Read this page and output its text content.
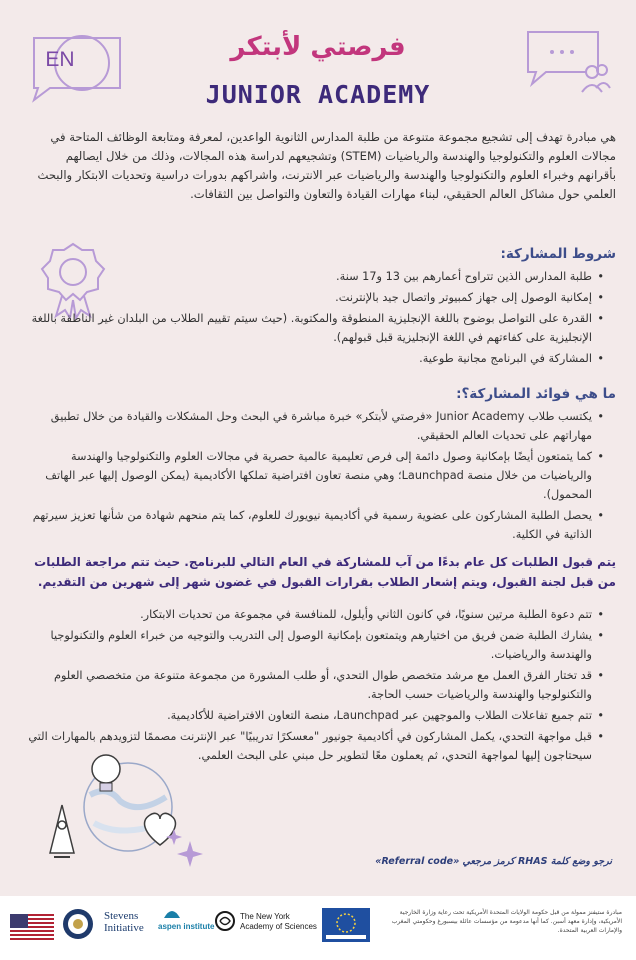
EN	فرصتي لأبتكر
JUNIOR ACADEMY

هي مبادرة تهدف إلى تشجيع مجموعة متنوعة من طلبة المدارس الثانوية الواعدين، لمعرفة ومتابعة الوظائف المتاحة في مجالات العلوم والتكنولوجيا والهندسة والرياضيات (STEM) وتشجيعهم لدراسة هذه المجالات، وذلك من خلال ايصالهم بأقرانهم وخبراء العلوم والتكنولوجيا والهندسة والرياضيات عبر الانترنت، واشراكهم بدورات دراسية وتحديات الابتكار والبحث العلمي حول مشاكل العالم الحقيقي، لبناء مهارات القيادة والتعاون والتواصل بين الثقافات.

شروط المشاركة:
• طلبة المدارس الذين تتراوح أعمارهم بين 13 و17 سنة.
• إمكانية الوصول إلى جهاز كمبيوتر واتصال جيد بالإنترنت.
• القدرة على التواصل بوضوح باللغة الإنجليزية المنطوقة والمكتوبة. (حيث سيتم تقييم الطلاب من البلدان غير الناطقة باللغة الإنجليزية على كفاءتهم في اللغة الإنجليزية قبل قبولهم).
• المشاركة في البرنامج مجانية طوعية.
ما هي فوائد المشاركة؟:
• يكتسب طلاب Junior Academy «فرصتي لأبتكر» خبرة مباشرة في البحث وحل المشكلات والقيادة من خلال تطبيق مهاراتهم على تحديات العالم الحقيقي.
• كما يتمتعون أيضًا بإمكانية وصول دائمة إلى فرص تعليمية عالمية حصرية في مجالات العلوم والتكنولوجيا والهندسة والرياضيات من خلال منصة Launchpad؛ وهي منصة تعاون افتراضية تملكها الأكاديمية (يمكن الوصول إليها عبر الهاتف المحمول).
• يحصل الطلبة المشاركون على عضوية رسمية في أكاديمية نيويورك للعلوم، كما يتم منحهم شهادة من شأنها تعزيز سيرتهم الذاتية في الكلية.

يتم قبول الطلبات كل عام بدءًا من آب للمشاركة في العام التالي للبرنامج. حيث تتم مراجعة الطلبات من قبل لجنة القبول، ويتم إشعار الطلاب بقرارات القبول في غضون شهر إلى شهرين من التقديم.

• تتم دعوة الطلبة مرتين سنويًا، في كانون الثاني وأيلول، للمنافسة في مجموعة من تحديات الابتكار.
• يشارك الطلبة ضمن فريق من اختيارهم ويتمتعون بإمكانية الوصول إلى التدريب والتوجيه من خبراء العلوم والتكنولوجيا والهندسة والرياضيات.
• قد تختار الفرق العمل مع مرشد متخصص طوال التحدي، أو طلب المشورة من مجموعة متنوعة من متخصصي العلوم والتكنولوجيا والهندسة والرياضيات حسب الحاجة.
• تتم جميع تفاعلات الطلاب والموجهين عبر Launchpad، منصة التعاون الافتراضية للأكاديمية.
• قبل مواجهة التحدي، يكمل المشاركون في أكاديمية جونيور "معسكرًا تدريبيًا" عبر الإنترنت مصممًا لتزويدهم بالمهارات التي سيحتاجون إليها لمواجهة التحدي، ثم يعملون معًا لتطوير حل مبني على البحث العلمي.
نرجو وضع كلمة RHAS كرمز مرجعي «Referral code»
Stevens
Initiative aspen institute
The New York
Academy of Sciences

مبادرة ستيفنز ممولة من قبل حكومة الولايات المتحدة الأمريكية تحت رعاية وزارة الخارجية الأمريكية، وإدارة معهد أسبن. كما أنها مدعومة من مؤسسات عائلة بيسبورغ وحكومتي المغرب والإمارات العربية المتحدة.
